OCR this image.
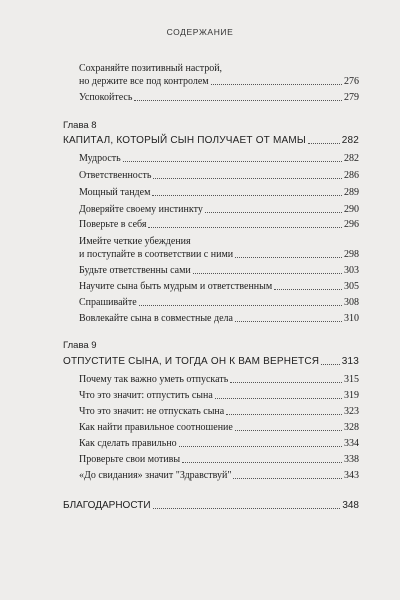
СОДЕРЖАНИЕ
Сохраняйте позитивный настрой,
но держите все под контролем	276
Успокойтесь	279
Глава 8
КАПИТАЛ, КОТОРЫЙ СЫН ПОЛУЧАЕТ ОТ МАМЫ	282
Мудрость	282
Ответственность	286
Мощный тандем	289
Доверяйте своему инстинкту	290
Поверьте в себя	296
Имейте четкие убеждения
и поступайте в соответствии с ними	298
Будьте ответственны сами	303
Научите сына быть мудрым и ответственным	305
Спрашивайте	308
Вовлекайте сына в совместные дела	310
Глава 9
ОТПУСТИТЕ СЫНА, И ТОГДА ОН К ВАМ ВЕРНЕТСЯ 313
Почему так важно уметь отпускать	315
Что это значит: отпустить сына	319
Что это значит: не отпускать сына	323
Как найти правильное соотношение	328
Как сделать правильно	334
Проверьте свои мотивы	338
«До свидания» значит "Здравствуй"	343
БЛАГОДАРНОСТИ	348
